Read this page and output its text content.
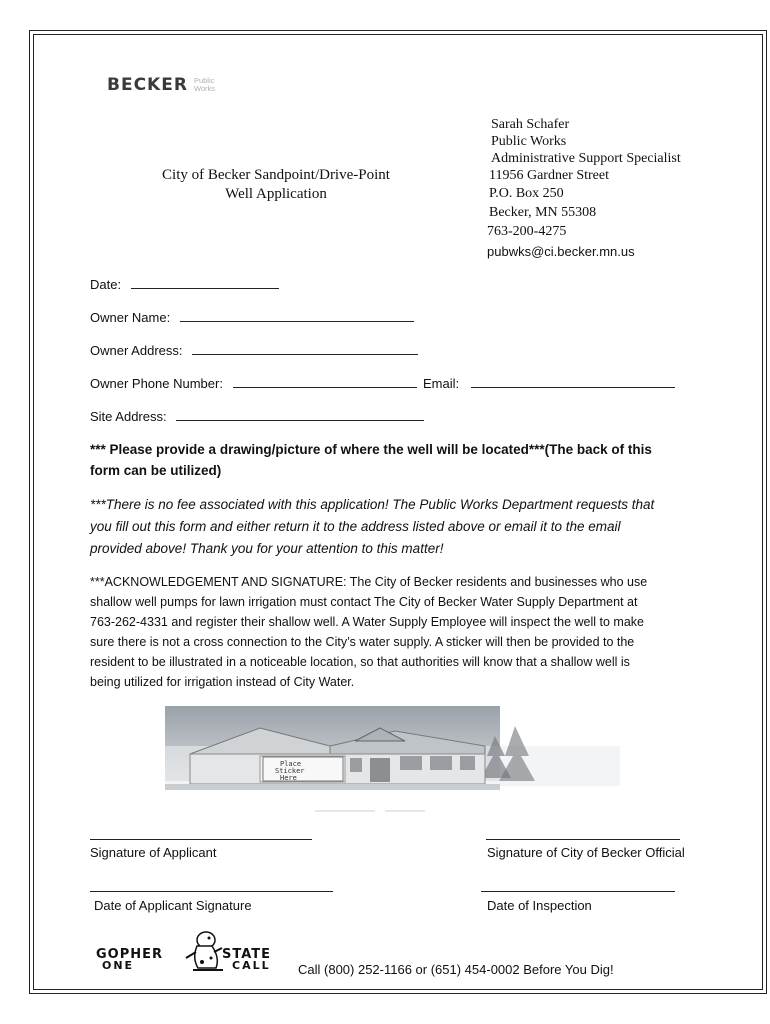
BECKER Public
Works
City of Becker Sandpoint/Drive-Point
Well Application
Sarah Schafer
Public Works
Administrative Support Specialist
11956 Gardner Street
P.O. Box 250
Becker, MN 55308
763-200-4275
pubwks@ci.becker.mn.us
Date:
Owner Name:
Owner Address:
Owner Phone Number:	Email:
Site Address:
*** Please provide a drawing/picture of where the well will be located***(The back of this
form can be utilized)
***There is no fee associated with this application! The Public Works Department requests that
you fill out this form and either return it to the address listed above or email it to the email
provided above! Thank you for your attention to this matter!
***ACKNOWLEDGEMENT AND SIGNATURE: The City of Becker residents and businesses who use
shallow well pumps for lawn irrigation must contact The City of Becker Water Supply Department at
763-262-4331 and register their shallow well. A Water Supply Employee will inspect the well to make
sure there is not a cross connection to the City’s water supply. A sticker will then be provided to the
resident to be illustrated in a noticeable location, so that authorities will know that a shallow well is
being utilized for irrigation instead of City Water.
Place
Sticker
Here
Signature of Applicant	Signature of City of Becker Official
Date of Applicant Signature	Date of Inspection
GOPHER
ONE
STATE
CALL Call (800) 252-1166 or (651) 454-0002 Before You Dig!
